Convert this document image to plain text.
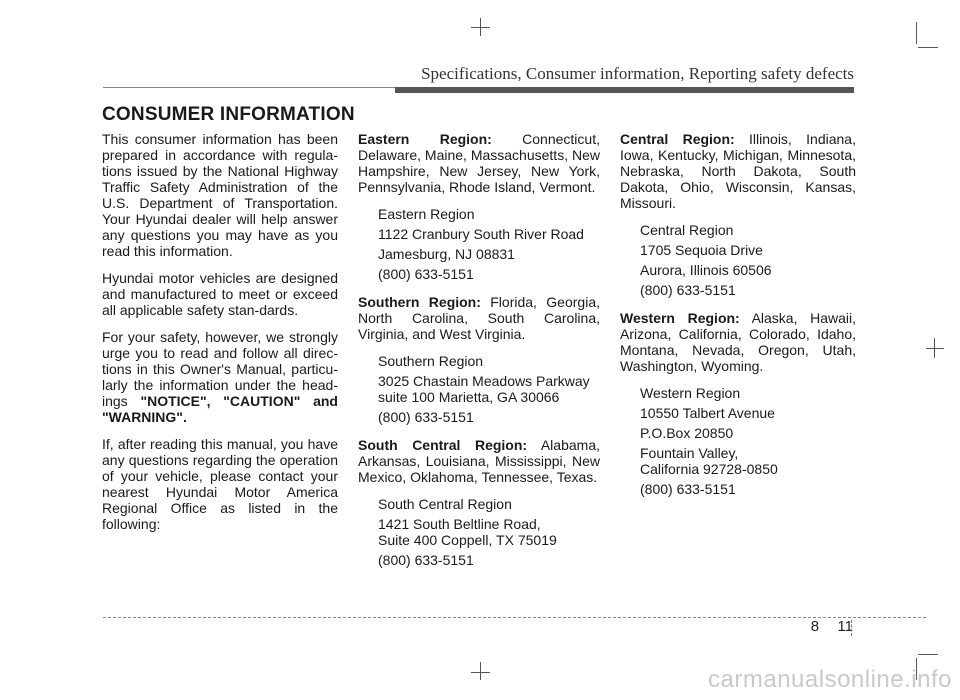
Specifications, Consumer information, Reporting safety defects
CONSUMER INFORMATION

This consumer information has been prepared in accordance with regula-tions issued by the National Highway Traffic Safety Administration of the U.S. Department of Transportation. Your Hyundai dealer will help answer any questions you may have as you read this information.

Hyundai motor vehicles are designed and manufactured to meet or exceed all applicable safety stan-dards.

For your safety, however, we strongly urge you to read and follow all direc-tions in this Owner's Manual, particu-larly the information under the head-ings "NOTICE", "CAUTION" and "WARNING".

If, after reading this manual, you have any questions regarding the operation of your vehicle, please contact your nearest Hyundai Motor America Regional Office as listed in the following:

Eastern Region: Connecticut, Delaware, Maine, Massachusetts, New Hampshire, New Jersey, New York, Pennsylvania, Rhode Island, Vermont.

Eastern Region
1122 Cranbury South River Road
Jamesburg, NJ 08831
(800) 633-5151

Southern Region: Florida, Georgia, North Carolina, South Carolina, Virginia, and West Virginia.

Southern Region
3025 Chastain Meadows Parkway
suite 100 Marietta, GA 30066
(800) 633-5151

South Central Region: Alabama, Arkansas, Louisiana, Mississippi, New Mexico, Oklahoma, Tennessee, Texas.

South Central Region
1421 South Beltline Road,
Suite 400 Coppell, TX 75019
(800) 633-5151

Central Region: Illinois, Indiana, Iowa, Kentucky, Michigan, Minnesota, Nebraska, North Dakota, South Dakota, Ohio, Wisconsin, Kansas, Missouri.

Central Region
1705 Sequoia Drive
Aurora, Illinois 60506
(800) 633-5151

Western Region: Alaska, Hawaii, Arizona, California, Colorado, Idaho, Montana, Nevada, Oregon, Utah, Washington, Wyoming.

Western Region
10550 Talbert Avenue
P.O.Box 20850
Fountain Valley,
California 92728-0850
(800) 633-5151
8 11
carmanualsonline.info
